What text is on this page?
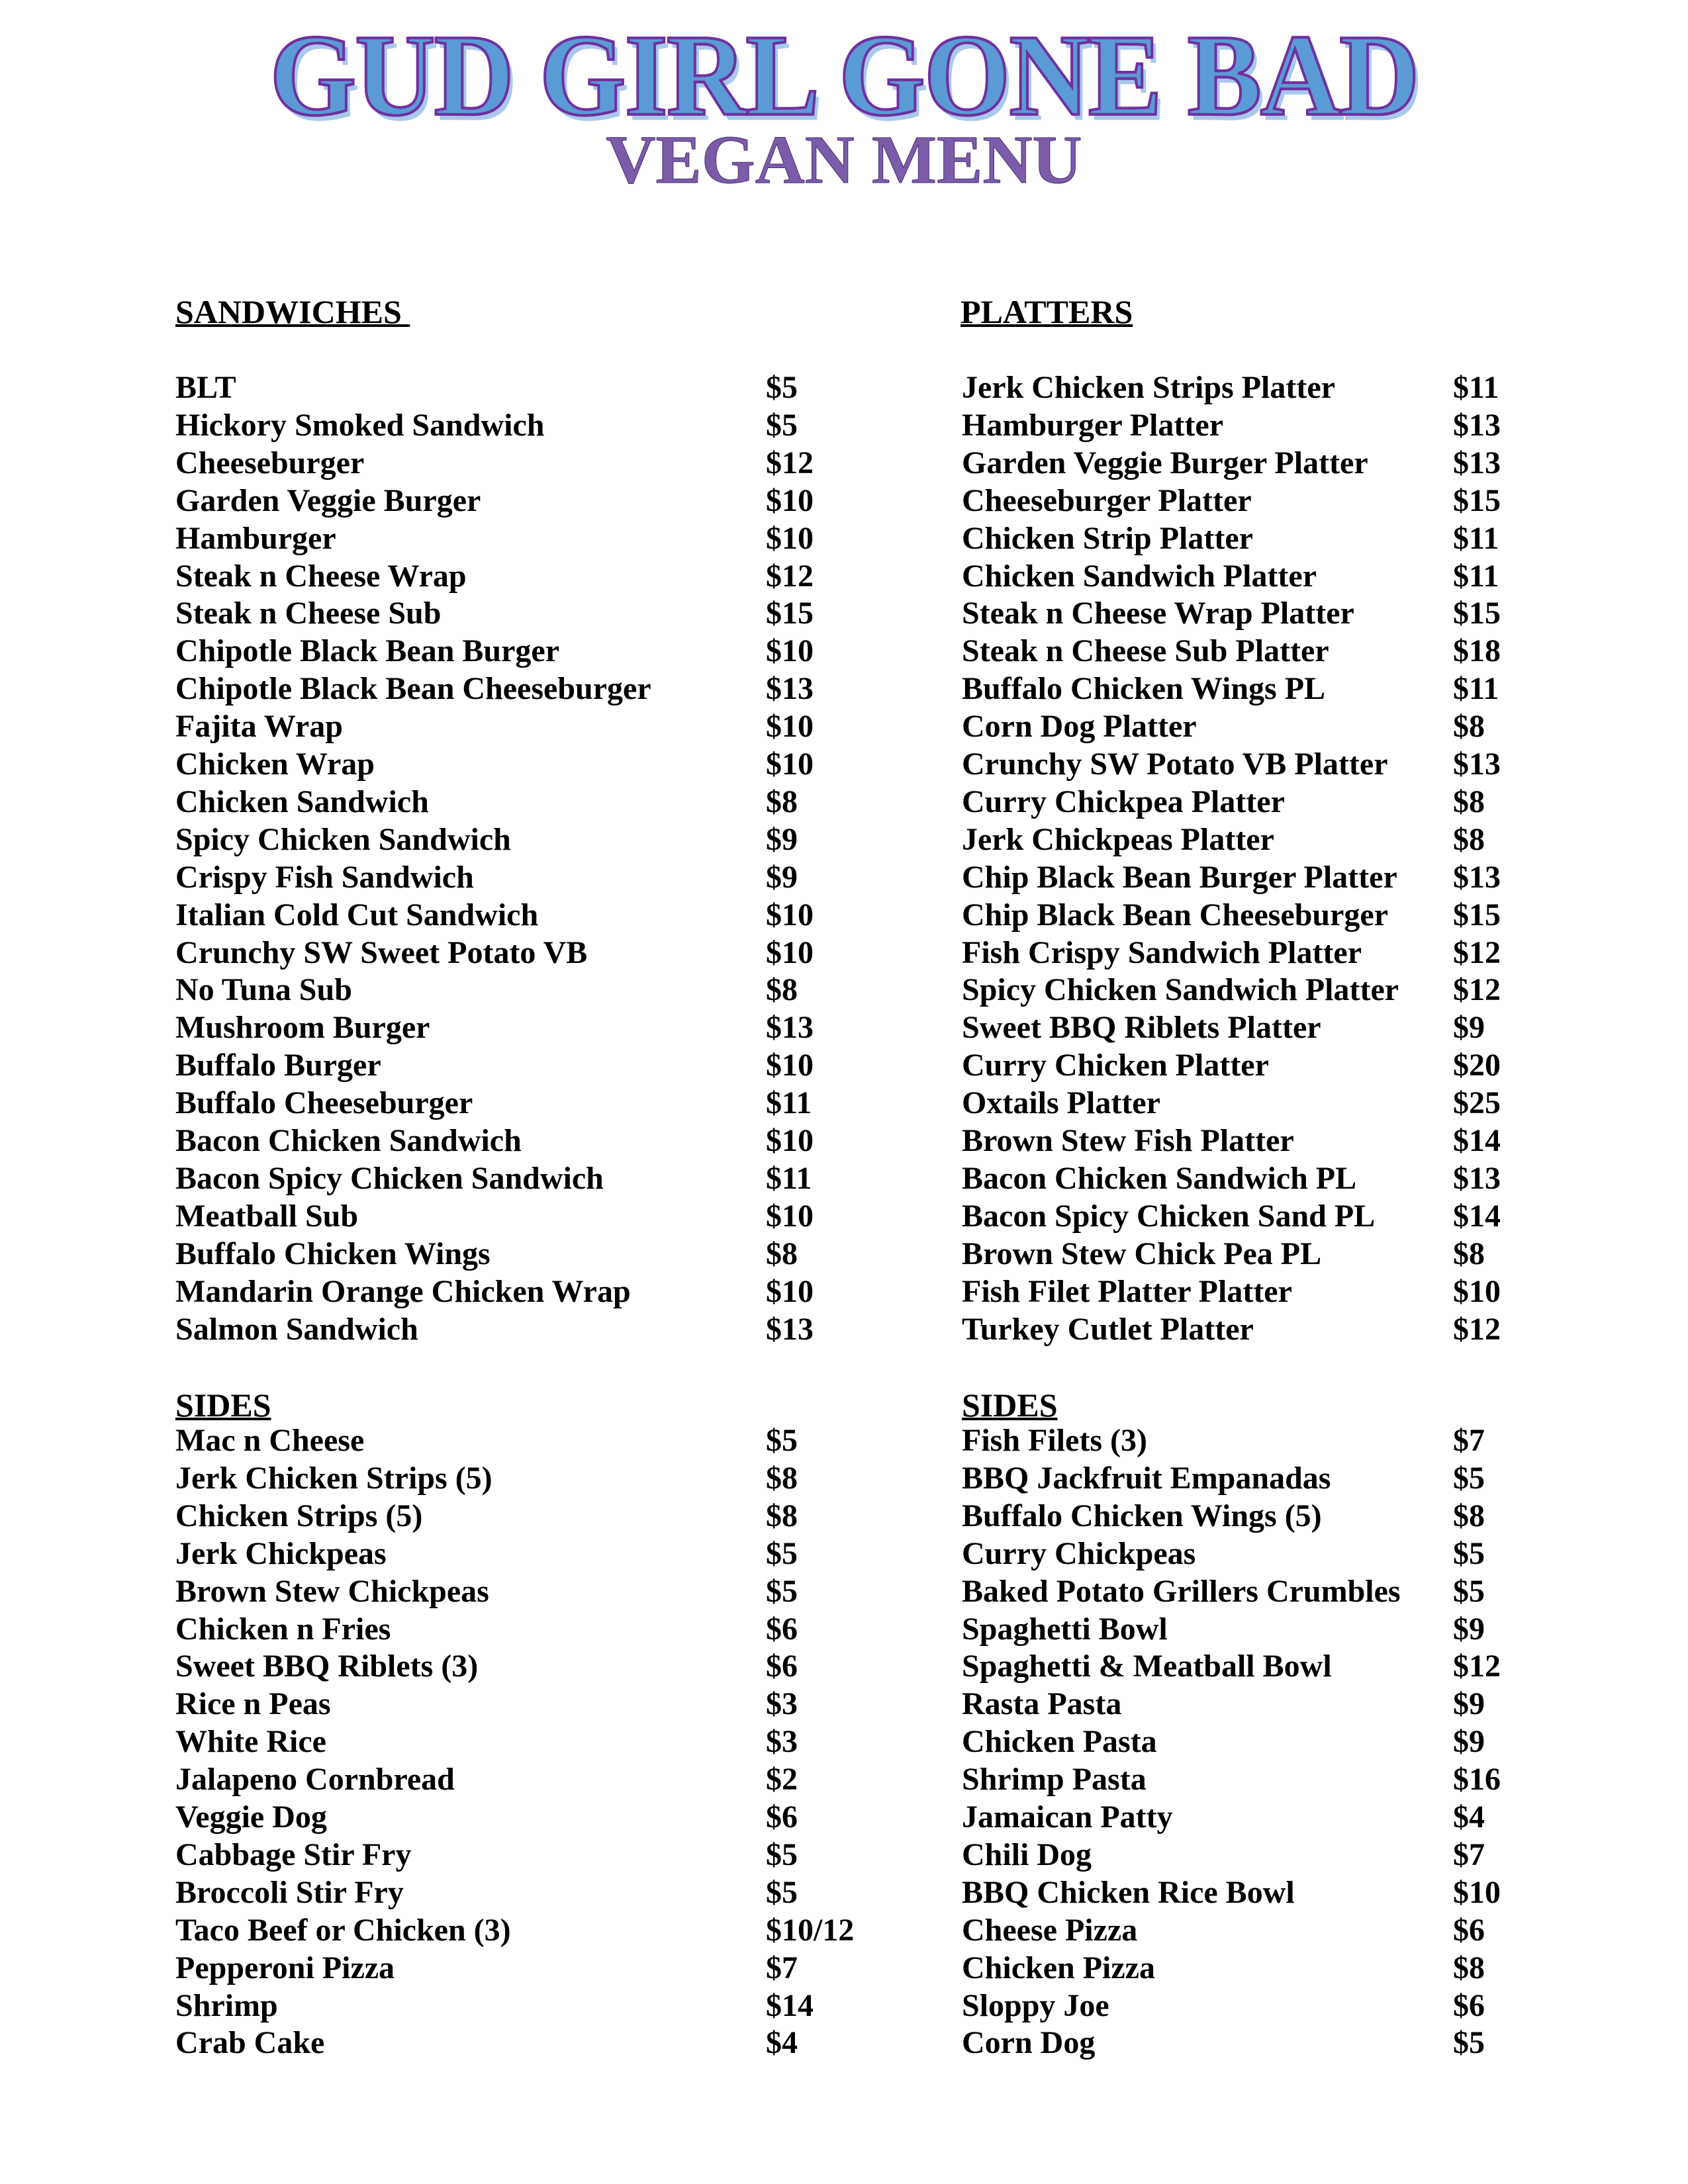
GUD GIRL GONE BAD
VEGAN MENU
SANDWICHES
BLT	$5
Hickory Smoked Sandwich	$5
Cheeseburger	$12
Garden Veggie Burger	$10
Hamburger	$10
Steak n Cheese Wrap	$12
Steak n Cheese Sub	$15
Chipotle Black Bean Burger	$10
Chipotle Black Bean Cheeseburger	$13
Fajita Wrap	$10
Chicken Wrap	$10
Chicken Sandwich	$8
Spicy Chicken Sandwich	$9
Crispy Fish Sandwich	$9
Italian Cold Cut Sandwich	$10
Crunchy SW Sweet Potato VB	$10
No Tuna Sub	$8
Mushroom Burger	$13
Buffalo Burger	$10
Buffalo Cheeseburger	$11
Bacon Chicken Sandwich	$10
Bacon Spicy Chicken Sandwich	$11
Meatball Sub	$10
Buffalo Chicken Wings	$8
Mandarin Orange Chicken Wrap	$10
Salmon Sandwich	$13
PLATTERS
Jerk Chicken Strips Platter	$11
Hamburger Platter	$13
Garden Veggie Burger Platter	$13
Cheeseburger Platter	$15
Chicken Strip Platter	$11
Chicken Sandwich Platter	$11
Steak n Cheese Wrap Platter	$15
Steak n Cheese Sub Platter	$18
Buffalo Chicken Wings PL	$11
Corn Dog Platter	$8
Crunchy SW Potato VB Platter $13
Curry Chickpea Platter	$8
Jerk Chickpeas Platter	$8
Chip Black Bean Burger Platter $13
Chip Black Bean Cheeseburger $15
Fish Crispy Sandwich Platter	$12
Spicy Chicken Sandwich Platter $12
Sweet BBQ Riblets Platter	$9
Curry Chicken Platter	$20
Oxtails Platter	$25
Brown Stew Fish Platter	$14
Bacon Chicken Sandwich PL	$13
Bacon Spicy Chicken Sand PL $14
Brown Stew Chick Pea PL	$8
Fish Filet Platter Platter	$10
Turkey Cutlet Platter	$12
SIDES
Mac n Cheese	$5
Jerk Chicken Strips (5)	$8
Chicken Strips (5)	$8
Jerk Chickpeas	$5
Brown Stew Chickpeas	$5
Chicken n Fries	$6
Sweet BBQ Riblets (3)	$6
Rice n Peas	$3
White Rice	$3
Jalapeno Cornbread	$2
Veggie Dog	$6
Cabbage Stir Fry	$5
Broccoli Stir Fry	$5
Taco Beef or Chicken (3)	$10/12
Pepperoni Pizza	$7
Shrimp	$14
Crab Cake	$4
SIDES
Fish Filets (3)	$7
BBQ Jackfruit Empanadas	$5
Buffalo Chicken Wings (5)	$8
Curry Chickpeas	$5
Baked Potato Grillers Crumbles $5
Spaghetti Bowl	$9
Spaghetti & Meatball Bowl	$12
Rasta Pasta	$9
Chicken Pasta	$9
Shrimp Pasta	$16
Jamaican Patty	$4
Chili Dog	$7
BBQ Chicken Rice Bowl	$10
Cheese Pizza	$6
Chicken Pizza	$8
Sloppy Joe	$6
Corn Dog	$5
